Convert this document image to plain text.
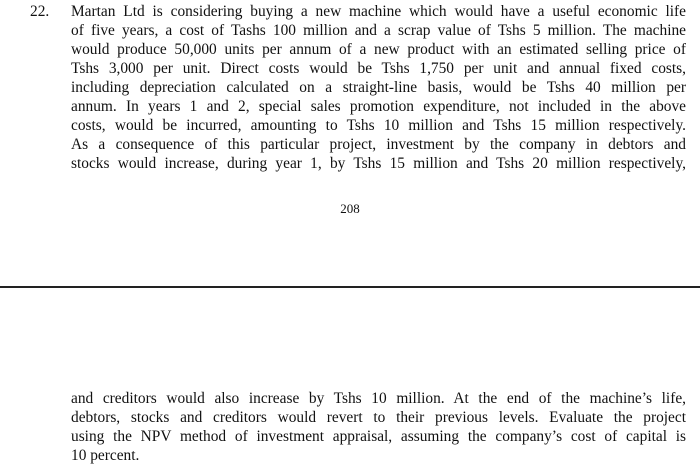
22. Martan Ltd is considering buying a new machine which would have a useful economic life
of five years, a cost of Tashs 100 million and a scrap value of Tshs 5 million. The machine
would produce 50,000 units per annum of a new product with an estimated selling price of
Tshs 3,000 per unit. Direct costs would be Tshs 1,750 per unit and annual fixed costs,
including depreciation calculated on a straight-line basis, would be Tshs 40 million per
annum. In years 1 and 2, special sales promotion expenditure, not included in the above
costs, would be incurred, amounting to Tshs 10 million and Tshs 15 million respectively.
As a consequence of this particular project, investment by the company in debtors and
stocks would increase, during year 1, by Tshs 15 million and Tshs 20 million respectively,
208
and creditors would also increase by Tshs 10 million. At the end of the machine’s life,
debtors, stocks and creditors would revert to their previous levels. Evaluate the project
using the NPV method of investment appraisal, assuming the company’s cost of capital is
10 percent.
